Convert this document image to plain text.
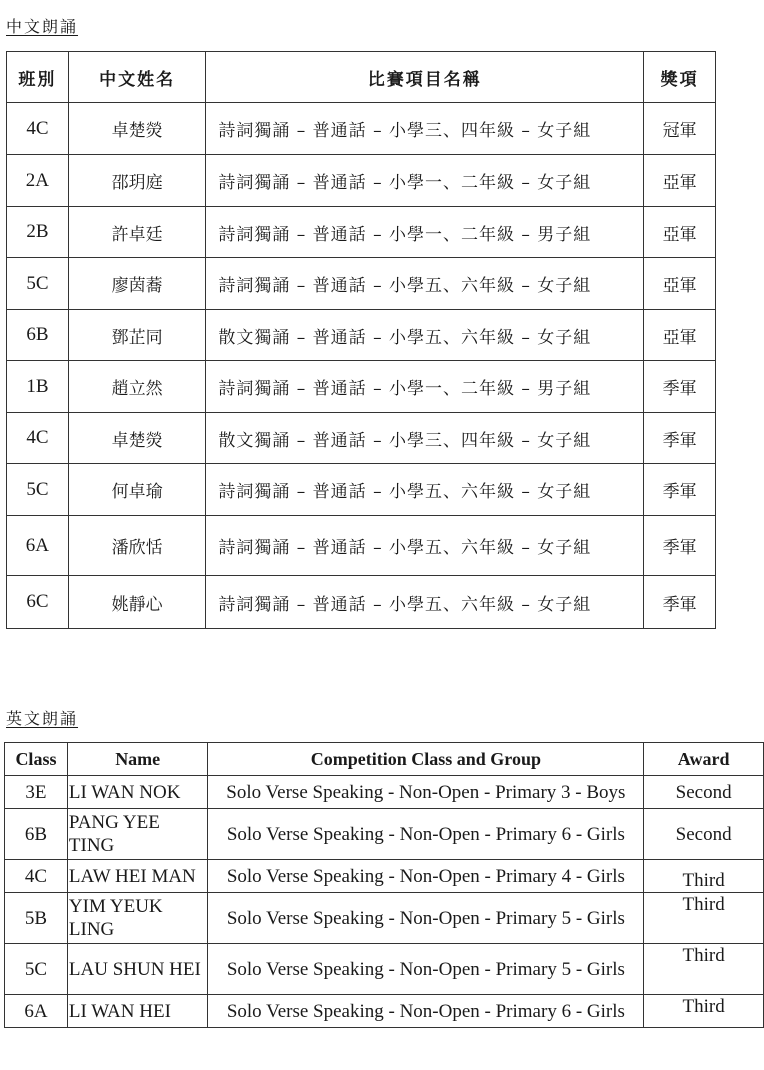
中文朗誦
班別	中文姓名	比賽項目名稱	獎項
4C	卓楚熒	詩詞獨誦 – 普通話 – 小學三、四年級 – 女子組	冠軍
2A	邵玥庭	詩詞獨誦 – 普通話 – 小學一、二年級 – 女子組	亞軍
2B	許卓廷	詩詞獨誦 – 普通話 – 小學一、二年級 – 男子組	亞軍
5C	廖茵蕎	詩詞獨誦 – 普通話 – 小學五、六年級 – 女子組	亞軍
6B	鄧芷同	散文獨誦 – 普通話 – 小學五、六年級 – 女子組	亞軍
1B	趙立然	詩詞獨誦 – 普通話 – 小學一、二年級 – 男子組	季軍
4C	卓楚熒	散文獨誦 – 普通話 – 小學三、四年級 – 女子組	季軍
5C	何卓瑜	詩詞獨誦 – 普通話 – 小學五、六年級 – 女子組	季軍
6A	潘欣恬	詩詞獨誦 – 普通話 – 小學五、六年級 – 女子組	季軍
6C	姚靜心	詩詞獨誦 – 普通話 – 小學五、六年級 – 女子組	季軍
英文朗誦
Class	Name	Competition Class and Group	Award
3E	LI WAN NOK	Solo Verse Speaking - Non-Open - Primary 3 - Boys	Second
6B	PANG YEE TING	Solo Verse Speaking - Non-Open - Primary 6 - Girls	Second
4C	LAW HEI MAN	Solo Verse Speaking - Non-Open - Primary 4 - Girls	Third
5B	YIM YEUK LING	Solo Verse Speaking - Non-Open - Primary 5 - Girls	Third
5C	LAU SHUN HEI	Solo Verse Speaking - Non-Open - Primary 5 - Girls	Third
6A	LI WAN HEI	Solo Verse Speaking - Non-Open - Primary 6 - Girls	Third
